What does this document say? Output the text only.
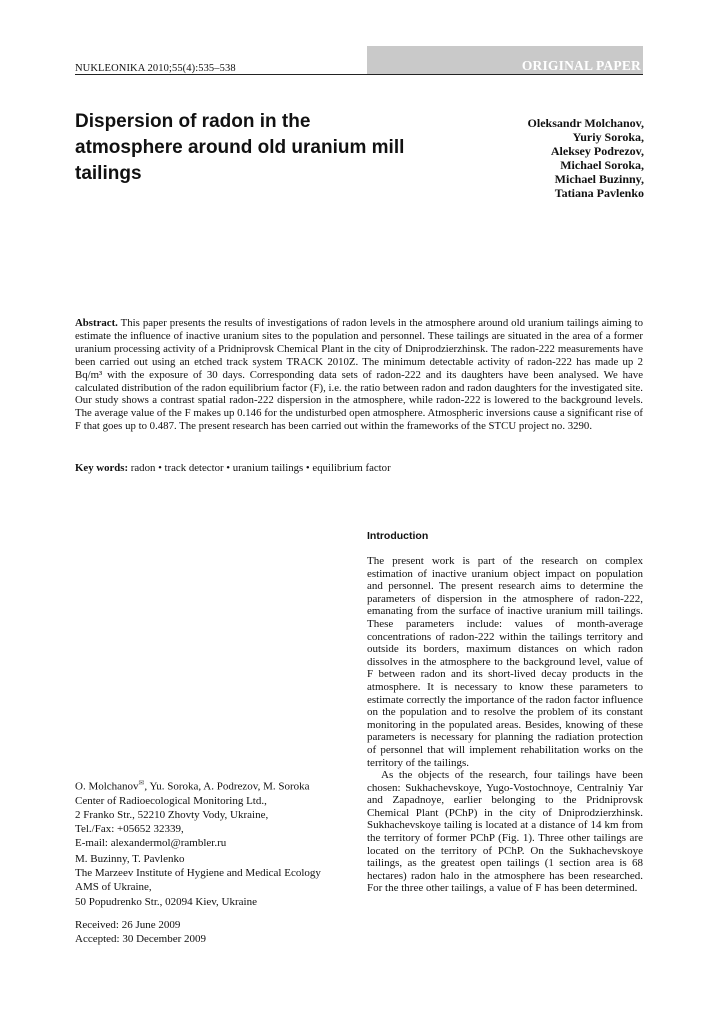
NUKLEONIKA 2010;55(4):535–538	ORIGINAL PAPER
Dispersion of radon in the atmosphere around old uranium mill tailings
Oleksandr Molchanov,
Yuriy Soroka,
Aleksey Podrezov,
Michael Soroka,
Michael Buzinny,
Tatiana Pavlenko
Abstract. This paper presents the results of investigations of radon levels in the atmosphere around old uranium tailings aiming to estimate the influence of inactive uranium sites to the population and personnel. These tailings are situated in the area of a former uranium processing activity of a Pridniprovsk Chemical Plant in the city of Dniprodzierzhinsk. The radon-222 measurements have been carried out using an etched track system TRACK 2010Z. The minimum detectable activity of radon-222 has made up 2 Bq/m³ with the exposure of 30 days. Corresponding data sets of radon-222 and its daughters have been analysed. We have calculated distribution of the radon equilibrium factor (F), i.e. the ratio between radon and radon daughters for the investigated site. Our study shows a contrast spatial radon-222 dispersion in the atmosphere, while radon-222 is lowered to the background levels. The average value of the F makes up 0.146 for the undisturbed open atmosphere. Atmospheric inversions cause a significant rise of F that goes up to 0.487. The present research has been carried out within the frameworks of the STCU project no. 3290.
Key words: radon • track detector • uranium tailings • equilibrium factor
Introduction

The present work is part of the research on complex estimation of inactive uranium object impact on population and personnel. The present research aims to determine the parameters of dispersion in the atmosphere of radon-222, emanating from the surface of inactive uranium mill tailings. These parameters include: values of month-average concentrations of radon-222 within the tailings territory and outside its borders, maximum distances on which radon dissolves in the atmosphere to the background level, value of F between radon and its short-lived decay products in the atmosphere. It is necessary to know these parameters to estimate correctly the importance of the radon factor influence on the population and to resolve the problem of its constant monitoring in the populated areas. Besides, knowing of these parameters is necessary for planning the radiation protection of personnel that will implement rehabilitation works on the territory of the tailings.

As the objects of the research, four tailings have been chosen: Sukhachevskoye, Yugo-Vostochnoye, Centralniy Yar and Zapadnoye, earlier belonging to the Pridniprovsk Chemical Plant (PChP) in the city of Dniprodzierzhinsk. Sukhachevskoye tailing is located at a distance of 14 km from the territory of former PChP (Fig. 1). Three other tailings are located on the territory of PChP. On the Sukhachevskoye tailings, as the greatest open tailings (1 section area is 68 hectares) radon halo in the atmosphere has been researched. For the three other tailings, a value of F has been determined.

O. Molchanov✉, Yu. Soroka, A. Podrezov, M. Soroka
Center of Radioecological Monitoring Ltd.,
2 Franko Str., 52210 Zhovty Vody, Ukraine,
Tel./Fax: +05652 32339,
E-mail: alexandermol@rambler.ru
M. Buzinny, T. Pavlenko
The Marzeev Institute of Hygiene and Medical Ecology
AMS of Ukraine,
50 Popudrenko Str., 02094 Kiev, Ukraine
Received: 26 June 2009
Accepted: 30 December 2009
